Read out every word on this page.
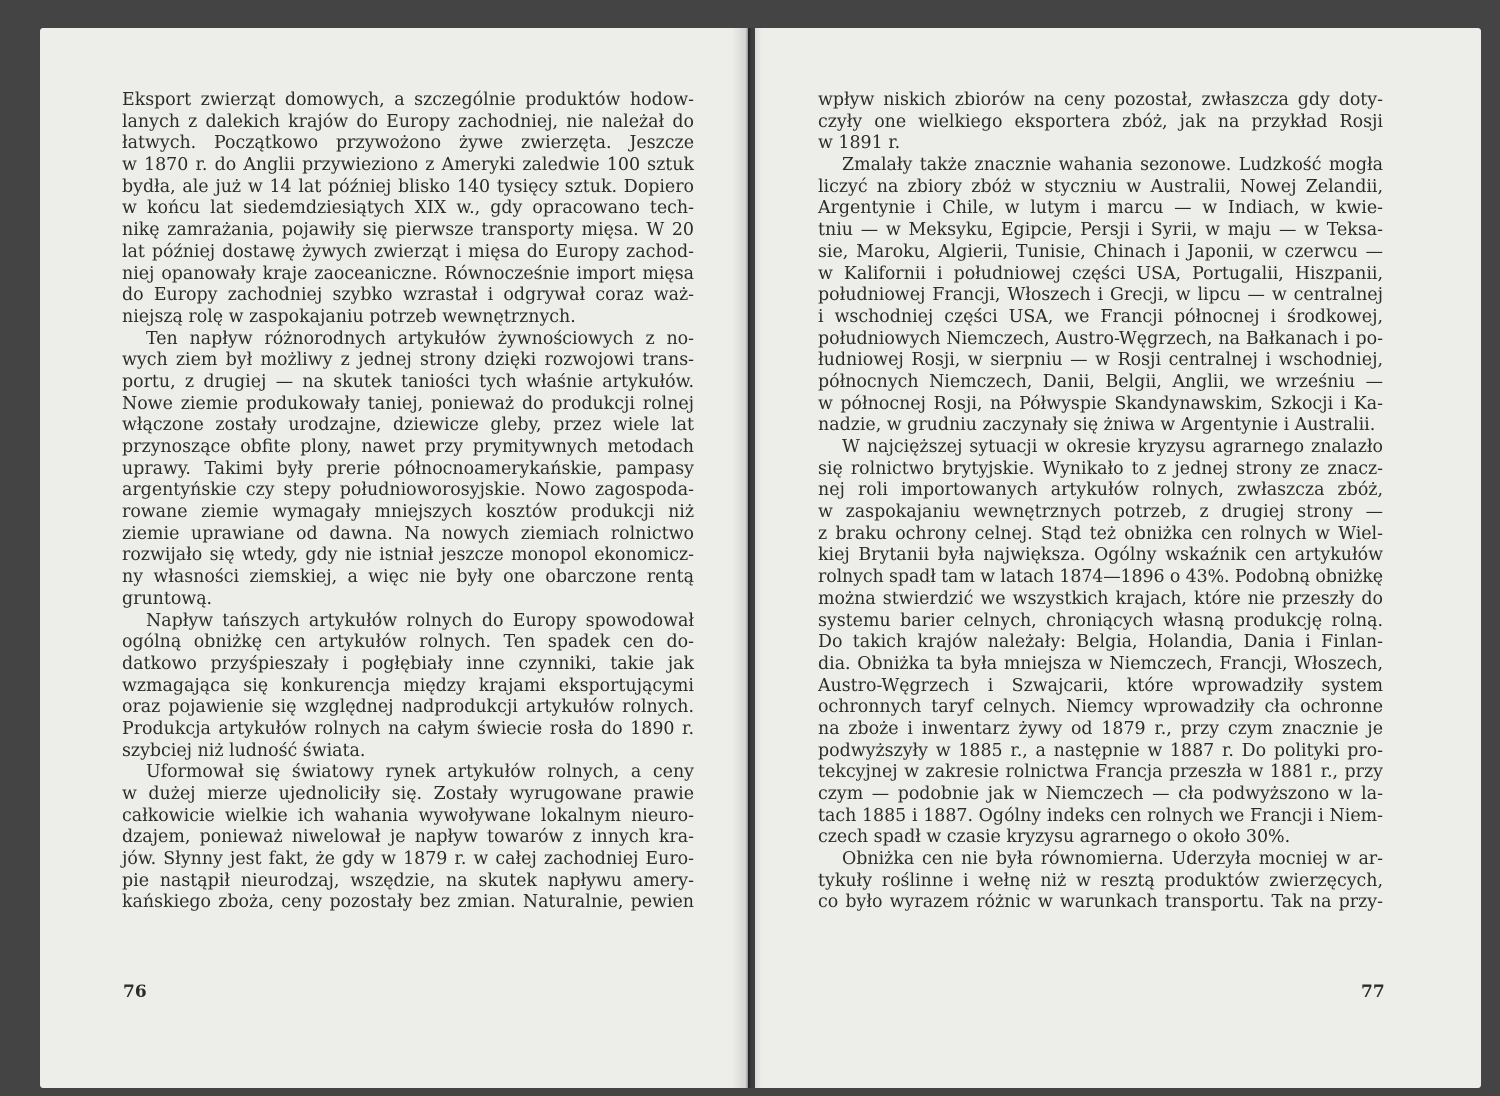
Eksport zwierząt domowych, a szczególnie produktów hodow-
lanych z dalekich krajów do Europy zachodniej, nie należał do
łatwych. Początkowo przywożono żywe zwierzęta. Jeszcze
w 1870 r. do Anglii przywieziono z Ameryki zaledwie 100 sztuk
bydła, ale już w 14 lat później blisko 140 tysięcy sztuk. Dopiero
w końcu lat siedemdziesiątych XIX w., gdy opracowano tech-
nikę zamrażania, pojawiły się pierwsze transporty mięsa. W 20
lat później dostawę żywych zwierząt i mięsa do Europy zachod-
niej opanowały kraje zaoceaniczne. Równocześnie import mięsa
do Europy zachodniej szybko wzrastał i odgrywał coraz waż-
niejszą rolę w zaspokajaniu potrzeb wewnętrznych.
Ten napływ różnorodnych artykułów żywnościowych z no-
wych ziem był możliwy z jednej strony dzięki rozwojowi trans-
portu, z drugiej — na skutek taniości tych właśnie artykułów.
Nowe ziemie produkowały taniej, ponieważ do produkcji rolnej
włączone zostały urodzajne, dziewicze gleby, przez wiele lat
przynoszące obfite plony, nawet przy prymitywnych metodach
uprawy. Takimi były prerie północnoamerykańskie, pampasy
argentyńskie czy stepy południoworosyjskie. Nowo zagospoda-
rowane ziemie wymagały mniejszych kosztów produkcji niż
ziemie uprawiane od dawna. Na nowych ziemiach rolnictwo
rozwijało się wtedy, gdy nie istniał jeszcze monopol ekonomicz-
ny własności ziemskiej, a więc nie były one obarczone rentą
gruntową.
Napływ tańszych artykułów rolnych do Europy spowodował
ogólną obniżkę cen artykułów rolnych. Ten spadek cen do-
datkowo przyśpieszały i pogłębiały inne czynniki, takie jak
wzmagająca się konkurencja między krajami eksportującymi
oraz pojawienie się względnej nadprodukcji artykułów rolnych.
Produkcja artykułów rolnych na całym świecie rosła do 1890 r.
szybciej niż ludność świata.
Uformował się światowy rynek artykułów rolnych, a ceny
w dużej mierze ujednoliciły się. Zostały wyrugowane prawie
całkowicie wielkie ich wahania wywoływane lokalnym nieuro-
dzajem, ponieważ niwelował je napływ towarów z innych kra-
jów. Słynny jest fakt, że gdy w 1879 r. w całej zachodniej Euro-
pie nastąpił nieurodzaj, wszędzie, na skutek napływu amery-
kańskiego zboża, ceny pozostały bez zmian. Naturalnie, pewien
wpływ niskich zbiorów na ceny pozostał, zwłaszcza gdy doty-
czyły one wielkiego eksportera zbóż, jak na przykład Rosji
w 1891 r.
Zmalały także znacznie wahania sezonowe. Ludzkość mogła
liczyć na zbiory zbóż w styczniu w Australii, Nowej Zelandii,
Argentynie i Chile, w lutym i marcu — w Indiach, w kwie-
tniu — w Meksyku, Egipcie, Persji i Syrii, w maju — w Teksa-
sie, Maroku, Algierii, Tunisie, Chinach i Japonii, w czerwcu —
w Kalifornii i południowej części USA, Portugalii, Hiszpanii,
południowej Francji, Włoszech i Grecji, w lipcu — w centralnej
i wschodniej części USA, we Francji północnej i środkowej,
południowych Niemczech, Austro-Węgrzech, na Bałkanach i po-
łudniowej Rosji, w sierpniu — w Rosji centralnej i wschodniej,
północnych Niemczech, Danii, Belgii, Anglii, we wrześniu —
w północnej Rosji, na Półwyspie Skandynawskim, Szkocji i Ka-
nadzie, w grudniu zaczynały się żniwa w Argentynie i Australii.
W najcięższej sytuacji w okresie kryzysu agrarnego znalazło
się rolnictwo brytyjskie. Wynikało to z jednej strony ze znacz-
nej roli importowanych artykułów rolnych, zwłaszcza zbóż,
w zaspokajaniu wewnętrznych potrzeb, z drugiej strony —
z braku ochrony celnej. Stąd też obniżka cen rolnych w Wiel-
kiej Brytanii była największa. Ogólny wskaźnik cen artykułów
rolnych spadł tam w latach 1874—1896 o 43%. Podobną obniżkę
można stwierdzić we wszystkich krajach, które nie przeszły do
systemu barier celnych, chroniących własną produkcję rolną.
Do takich krajów należały: Belgia, Holandia, Dania i Finlan-
dia. Obniżka ta była mniejsza w Niemczech, Francji, Włoszech,
Austro-Węgrzech i Szwajcarii, które wprowadziły system
ochronnych taryf celnych. Niemcy wprowadziły cła ochronne
na zboże i inwentarz żywy od 1879 r., przy czym znacznie je
podwyższyły w 1885 r., a następnie w 1887 r. Do polityki pro-
tekcyjnej w zakresie rolnictwa Francja przeszła w 1881 r., przy
czym — podobnie jak w Niemczech — cła podwyższono w la-
tach 1885 i 1887. Ogólny indeks cen rolnych we Francji i Niem-
czech spadł w czasie kryzysu agrarnego o około 30%.
Obniżka cen nie była równomierna. Uderzyła mocniej w ar-
tykuły roślinne i wełnę niż w resztą produktów zwierzęcych,
co było wyrazem różnic w warunkach transportu. Tak na przy-
76	77
